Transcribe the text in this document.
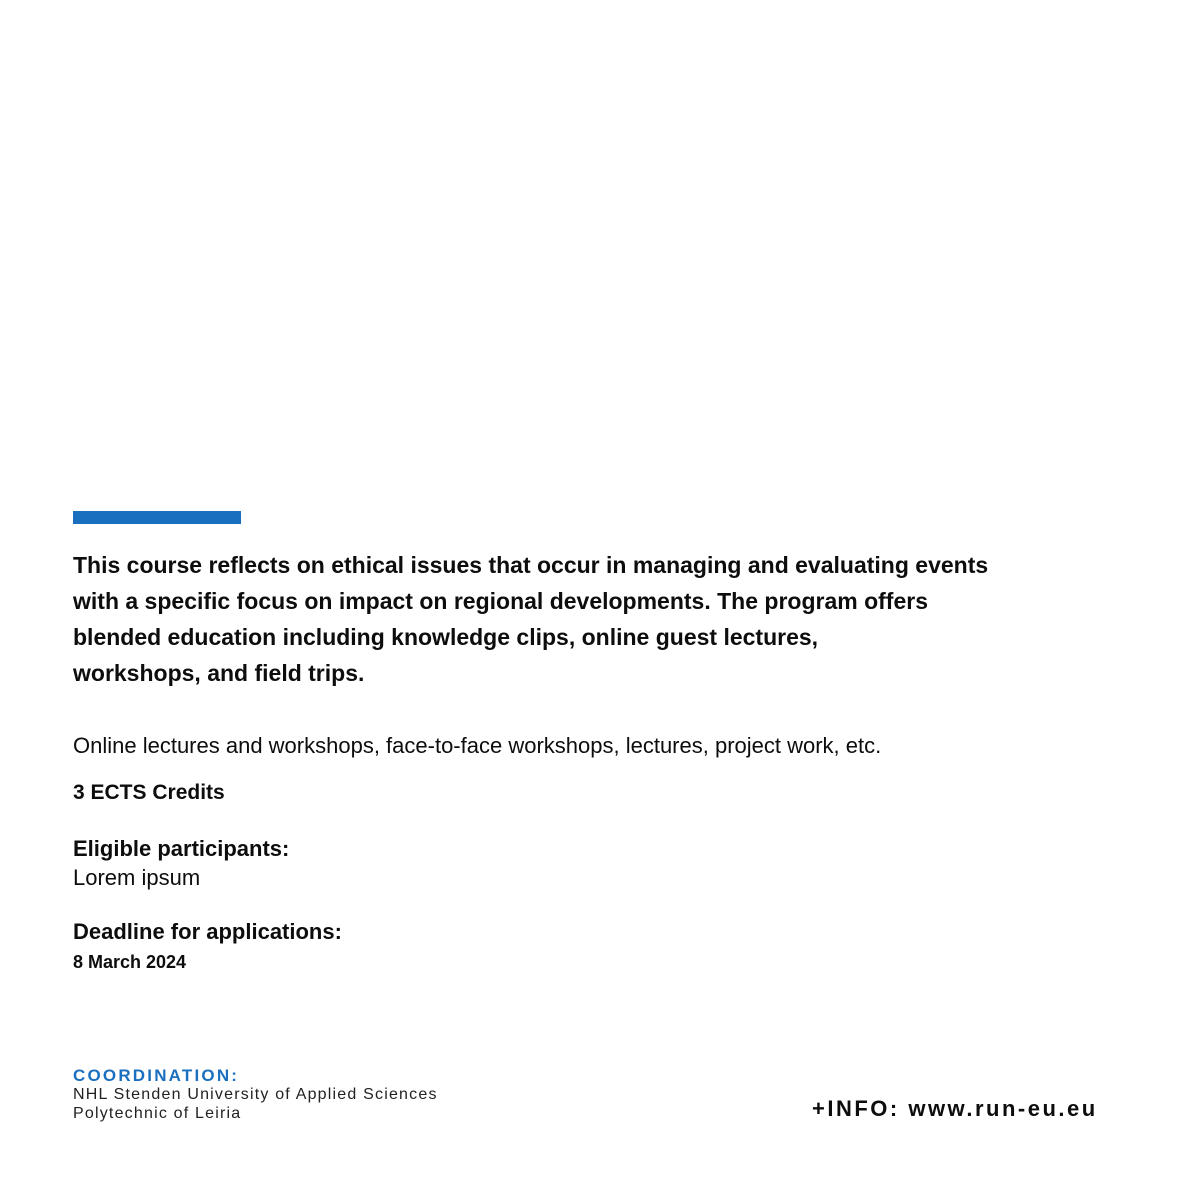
This course reflects on ethical issues that occur in managing and evaluating events
with a specific focus on impact on regional developments. The program offers
blended education including knowledge clips, online guest lectures,
workshops, and field trips.

Online lectures and workshops, face-to-face workshops, lectures, project work, etc.

3 ECTS Credits

Eligible participants:

Lorem ipsum

Deadline for applications:

8 March 2024

COORDINATION:

NHL Stenden University of Applied Sciences
Polytechnic of Leiria	+INFO: www.run-eu.eu
